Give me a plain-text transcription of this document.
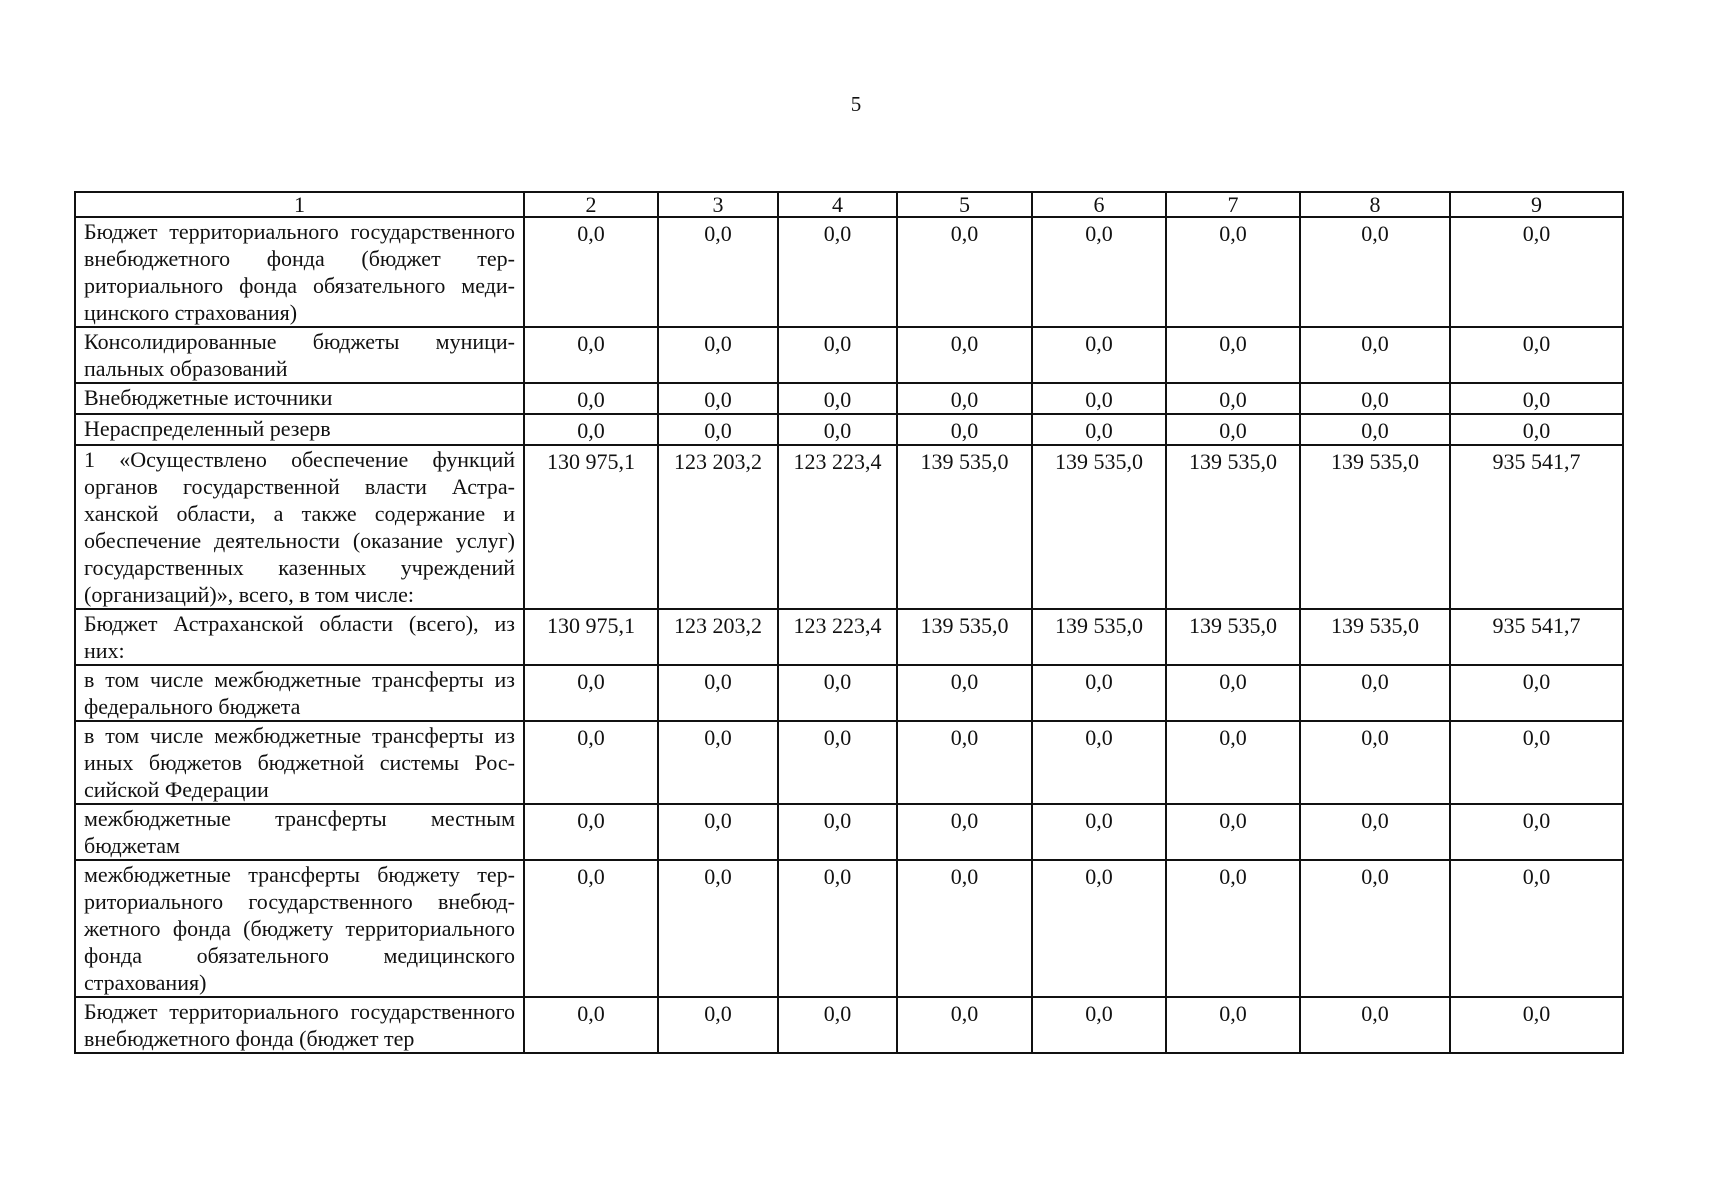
5
1	2	3	4	5	6	7	8	9
Бюджет территориального государственного внебюджетного фонда (бюджет территориального фонда обязательного медицинского страхования)	0,0	0,0	0,0	0,0	0,0	0,0	0,0	0,0
Консолидированные бюджеты муниципальных образований	0,0	0,0	0,0	0,0	0,0	0,0	0,0	0,0
Внебюджетные источники	0,0	0,0	0,0	0,0	0,0	0,0	0,0	0,0
Нераспределенный резерв	0,0	0,0	0,0	0,0	0,0	0,0	0,0	0,0
1 «Осуществлено обеспечение функций органов государственной власти Астраханской области, а также содержание и обеспечение деятельности (оказание услуг) государственных казенных учреждений (организаций)», всего, в том числе:	130 975,1	123 203,2	123 223,4	139 535,0	139 535,0	139 535,0	139 535,0	935 541,7
Бюджет Астраханской области (всего), из них:	130 975,1	123 203,2	123 223,4	139 535,0	139 535,0	139 535,0	139 535,0	935 541,7
в том числе межбюджетные трансферты из федерального бюджета	0,0	0,0	0,0	0,0	0,0	0,0	0,0	0,0
в том числе межбюджетные трансферты из иных бюджетов бюджетной системы Российской Федерации	0,0	0,0	0,0	0,0	0,0	0,0	0,0	0,0
межбюджетные трансферты местным бюджетам	0,0	0,0	0,0	0,0	0,0	0,0	0,0	0,0
межбюджетные трансферты бюджету территориального государственного внебюджетного фонда (бюджету территориального фонда обязательного медицинского страхования)	0,0	0,0	0,0	0,0	0,0	0,0	0,0	0,0
Бюджет территориального государственного внебюджетного фонда (бюджет тер	0,0	0,0	0,0	0,0	0,0	0,0	0,0	0,0
